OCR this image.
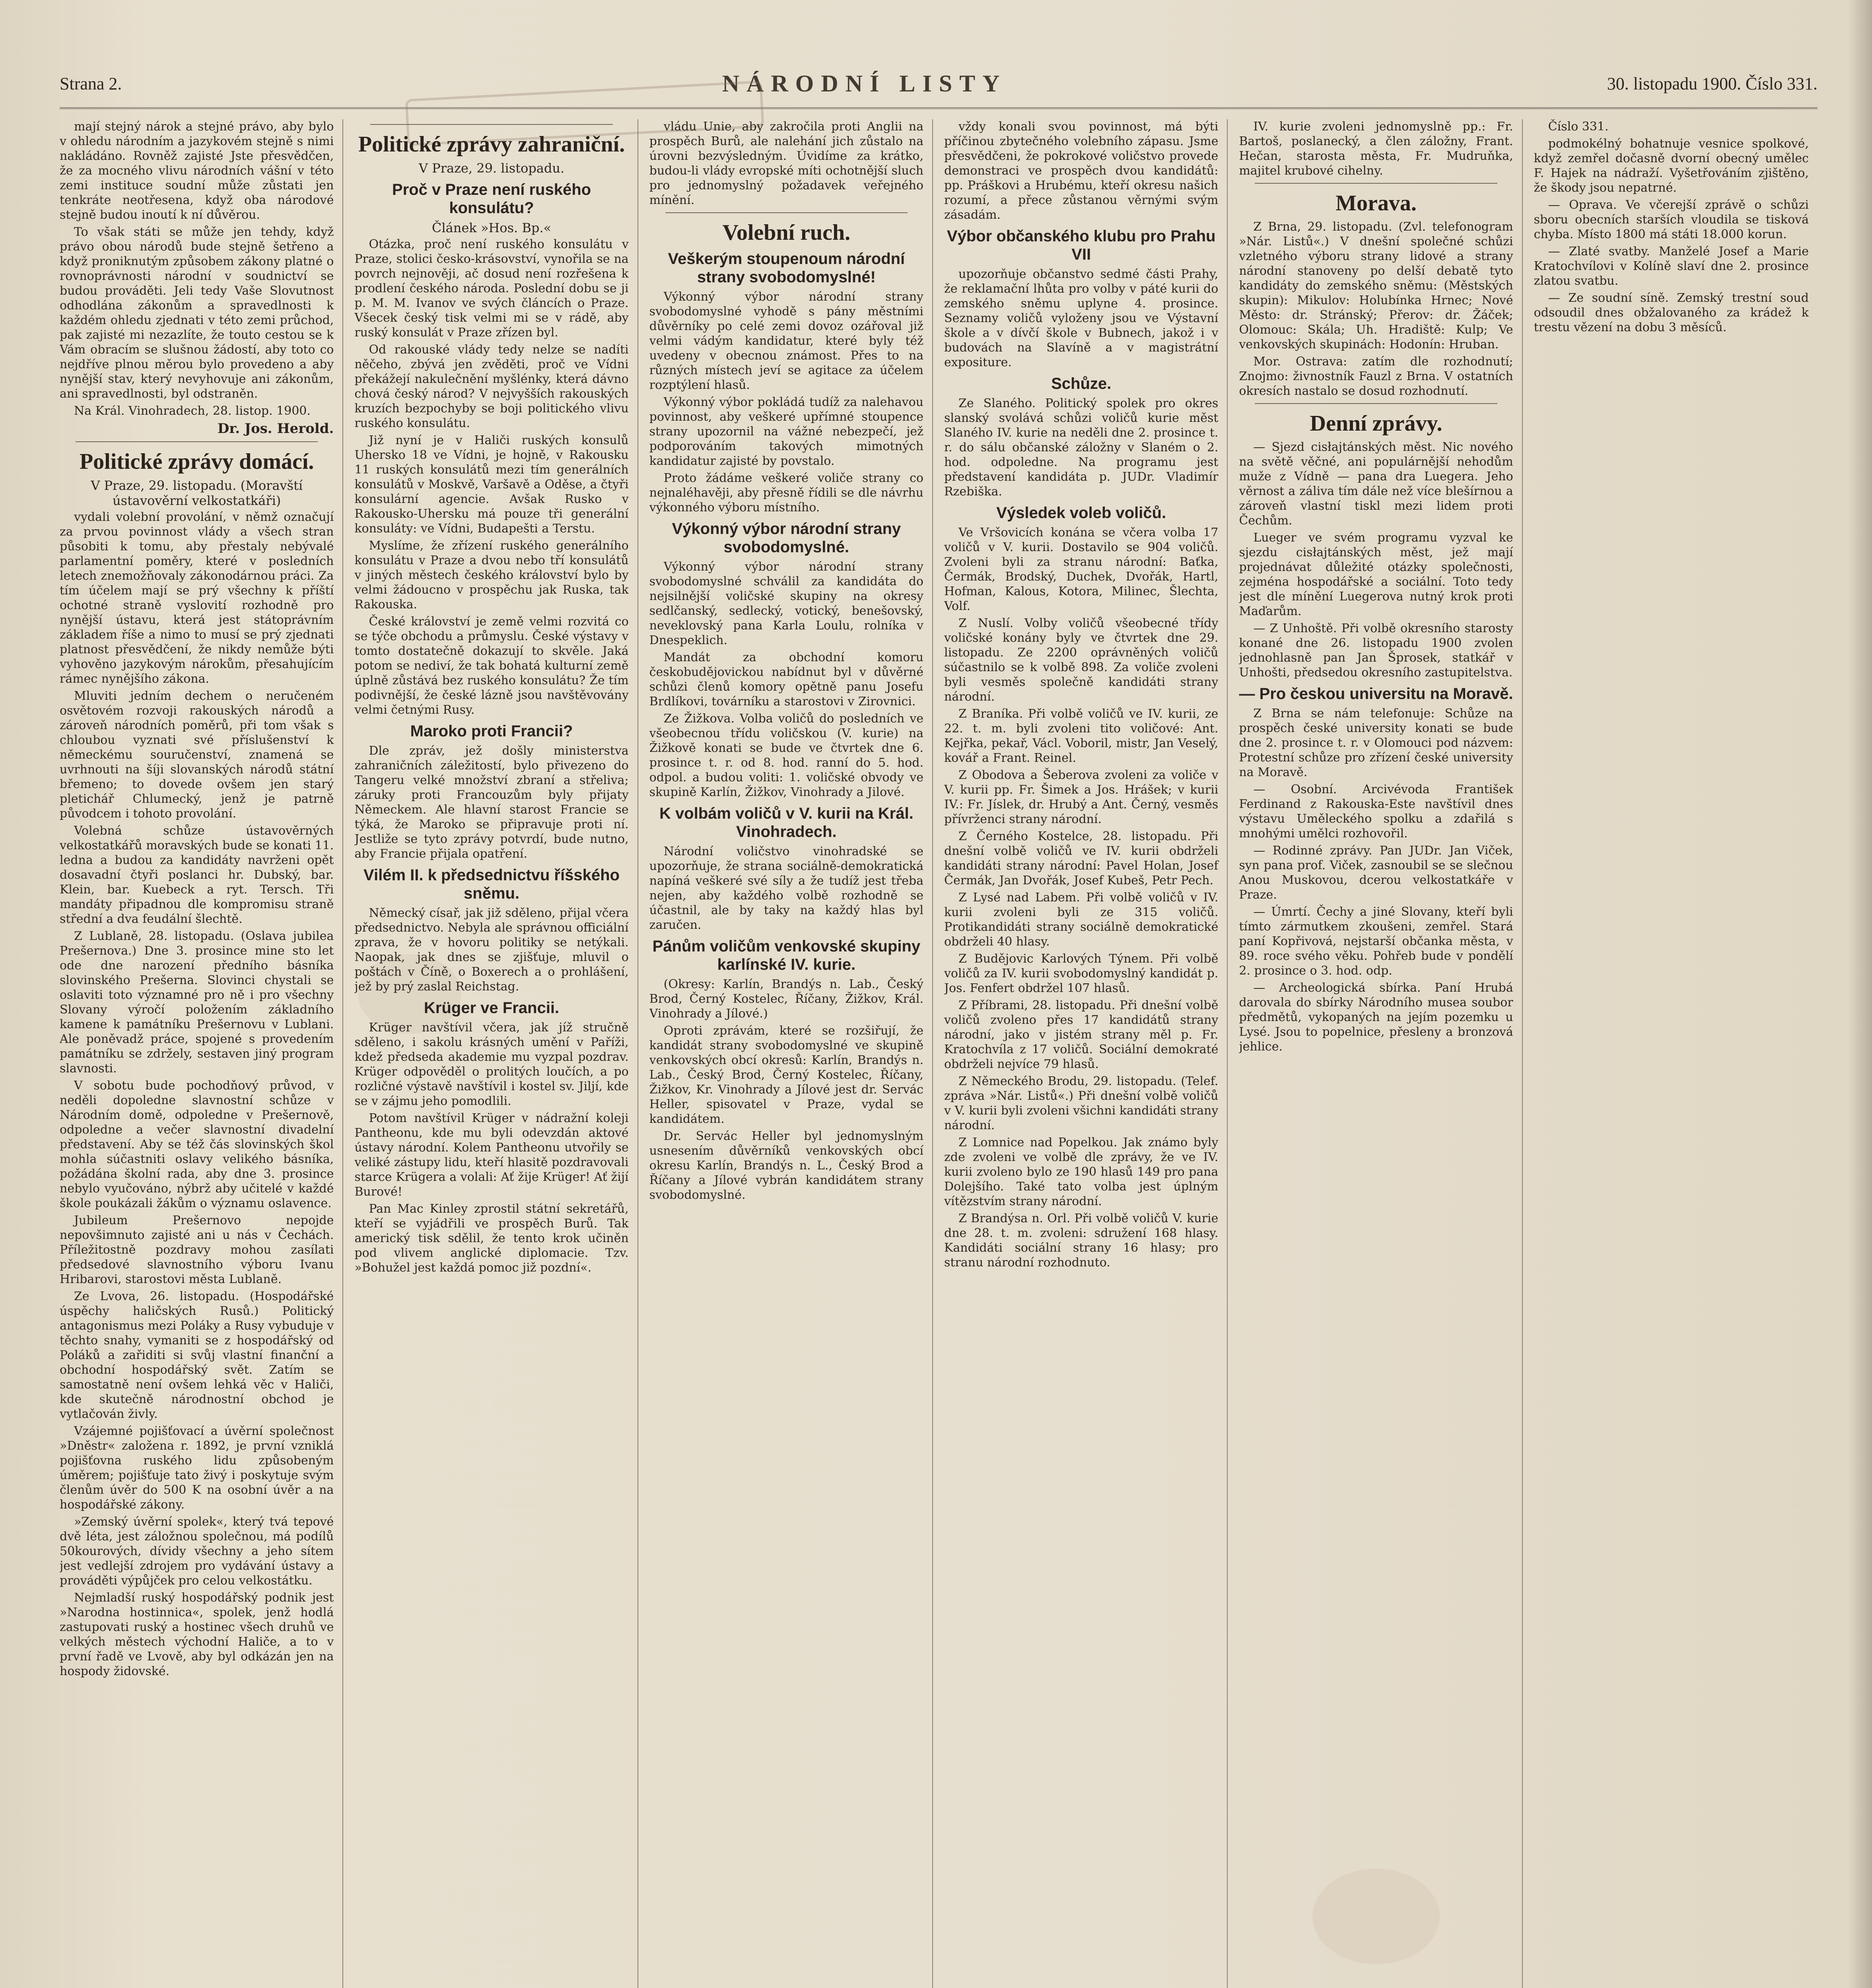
Strana 2.	NÁRODNÍ LISTY	30. listopadu 1900. Číslo 331.
mají stejný nárok a stejné právo, aby bylo v ohledu národním a jazykovém stejně s nimi nakládáno. Rovněž zajisté Jste přesvědčen, že za mocného vlivu národních vášní v této zemi instituce soudní může zůstati jen tenkráte neotřesena, když oba národové stejně budou inoutí k ní důvěrou.
To však státi se může jen tehdy, když právo obou národů bude stejně šetřeno a když proniknutým způsobem zákony platné o rovnoprávnosti národní v soudnictví se budou prováděti. Jeli tedy Vaše Slovutnost odhodlána zákonům a spravedlnosti k každém ohledu zjednati v této zemi průchod, pak zajisté mi nezazlíte, že touto cestou se k Vám obracím se slušnou žádostí, aby toto co nejdříve plnou měrou bylo provedeno a aby nynější stav, který nevyhovuje ani zákonům, ani spravedlnosti, byl odstraněn.
Na Král. Vinohradech, 28. listop. 1900.
Dr. Jos. Herold.
Politické zprávy domácí.
V Praze, 29. listopadu. (Moravští ústavověrní velkostatkáři)
vydali volební provolání, v němž označují za prvou povinnost vlády a všech stran působiti k tomu, aby přestaly nebývalé parlamentní poměry, které v posledních letech znemožňovaly zákonodárnou práci. Za tím účelem mají se prý všechny k příští ochotné straně vyslovití rozhodně pro nynější ústavu, která jest státoprávním základem říše a nimo to musí se prý zjednati platnost přesvědčení, že nikdy nemůže býti vyhověno jazykovým nárokům, přesahujícím rámec nynějšího zákona.
Mluviti jedním dechem o neručeném osvětovém rozvoji rakouských národů a zároveň národních poměrů, při tom však s chloubou vyznati své příslušenství k německému souručenství, znamená se uvrhnouti na šíji slovanských národů státní břemeno; to dovede ovšem jen starý pletichář Chlumecký, jenž je patrně původcem i tohoto provolání.
Volebná schůze ústavověrných velkostatkářů moravských bude se konati 11. ledna a budou za kandidáty navrženi opět dosavadní čtyři poslanci hr. Dubský, bar. Klein, bar. Kuebeck a ryt. Tersch. Tři mandáty připadnou dle kompromisu straně střední a dva feudální šlechtě.
Z Lublaně, 28. listopadu. (Oslava jubilea Prešernova.) Dne 3. prosince mine sto let ode dne narození předního básníka slovinského Prešerna. Slovinci chystali se oslaviti toto významné pro ně i pro všechny Slovany výročí položením základního kamene k památníku Prešernovu v Lublani. Ale poněvadž práce, spojené s provedením památníku se zdržely, sestaven jiný program slavnosti.
V sobotu bude pochodňový průvod, v neděli dopoledne slavnostní schůze v Národním domě, odpoledne v Prešernově, odpoledne a večer slavnostní divadelní představení. Aby se též čás slovinských škol mohla súčastniti oslavy velikého básníka, požádána školní rada, aby dne 3. prosince nebylo vyučováno, nýbrž aby učitelé v každé škole poukázali žákům o významu oslavence.
Jubileum Prešernovo nepojde nepovšimnuto zajisté ani u nás v Čechách. Příležitostně pozdravy mohou zasílati předsedové slavnostního výboru Ivanu Hribarovi, starostovi města Lublaně.
Ze Lvova, 26. listopadu. (Hospodářské úspěchy haličských Rusů.) Politický antagonismus mezi Poláky a Rusy vybuduje v těchto snahy, vymaniti se z hospodářský od Poláků a zařiditi si svůj vlastní finanční a obchodní hospodářský svět. Zatím se samostatně není ovšem lehká věc v Haliči, kde skutečně národnostní obchod je vytlačován živly.
Vzájemné pojišťovací a úvěrní společnost »Dněstr« založena r. 1892, je první vzniklá pojišťovna ruského lidu způsobeným úměrem; pojišťuje tato živý i poskytuje svým členům úvěr do 500 K na osobní úvěr a na hospodářské zákony.
»Zemský úvěrní spolek«, který tvá tepové dvě léta, jest záložnou společnou, má podílů 50kourových, dívidy všechny a jeho sítem jest vedlejší zdrojem pro vydávání ústavy a prováděti výpůjček pro celou velkostátku.
Nejmladší ruský hospodářský podnik jest »Narodna hostinnica«, spolek, jenž hodlá zastupovati ruský a hostinec všech druhů ve velkých městech východní Haliče, a to v první řadě ve Lvově, aby byl odkázán jen na hospody židovské.
Politické zprávy zahraniční.
V Praze, 29. listopadu.
Proč v Praze není ruského konsulátu?
Článek »Hos. Bp.«
Otázka, proč není ruského konsulátu v Praze, stolici česko-krásovství, vynořila se na povrch nejnověji, ač dosud není rozřešena k prodlení českého národa. Poslední dobu se ji p. M. M. Ivanov ve svých článcích o Praze. Všecek český tisk velmi mi se v rádě, aby ruský konsulát v Praze zřízen byl.
Od rakouské vlády tedy nelze se nadíti něčeho, zbývá jen zvěděti, proč ve Vídni překážejí nakulečnění myšlénky, která dávno chová český národ? V nejvyšších rakouských kruzích bezpochyby se boji politického vlivu ruského konsulátu.
Již nyní je v Haliči ruských konsulů Uhersko 18 ve Vídni, je hojně, v Rakousku 11 ruských konsulátů mezi tím generálních konsulátů v Moskvě, Varšavě a Oděse, a čtyři konsulární agencie. Avšak Rusko v Rakousko-Uhersku má pouze tři generální konsuláty: ve Vídni, Budapešti a Terstu.
Myslíme, že zřízení ruského generálního konsulátu v Praze a dvou nebo tří konsulátů v jiných městech českého království bylo by velmi žádoucno v prospěchu jak Ruska, tak Rakouska.
České království je země velmi rozvitá co se týče obchodu a průmyslu. České výstavy v tomto dostatečně dokazují to skvěle. Jaká potom se nediví, že tak bohatá kulturní země úplně zůstává bez ruského konsulátu? Že tím podivnější, že české lázně jsou navštěvovány velmi četnými Rusy.
Maroko proti Francii?
Dle zpráv, jež došly ministerstva zahraničních záležitostí, bylo přivezeno do Tangeru velké množství zbraní a střeliva; záruky proti Francouzům byly přijaty Německem. Ale hlavní starost Francie se týká, že Maroko se připravuje proti ní. Jestliže se tyto zprávy potvrdí, bude nutno, aby Francie přijala opatření.
Vilém II. k předsednictvu říšského sněmu.
Německý císař, jak již sděleno, přijal včera předsednictvo. Nebyla ale správnou officiální zprava, že v hovoru politiky se netýkali. Naopak, jak dnes se zjišťuje, mluvil o poštách v Číně, o Boxerech a o prohlášení, jež by prý zaslal Reichstag.
Krüger ve Francii.
Krüger navštívil včera, jak jíž stručně sděleno, i sakolu krásných umění v Paříži, kdež předseda akademie mu vyzpal pozdrav. Krüger odpověděl o prolitých loučích, a po rozličné výstavě navštívil i kostel sv. Jiljí, kde se v zájmu jeho pomodlili.
Potom navštívil Krüger v nádražní koleji Pantheonu, kde mu byli odevzdán aktové ústavy národní. Kolem Pantheonu utvořily se veliké zástupy lidu, kteří hlasitě pozdravovali starce Krügera a volali: Ať žije Krüger! Ať žijí Burové!
Pan Mac Kinley zprostil státní sekretářů, kteří se vyjádřili ve prospěch Burů. Tak americký tisk sdělil, že tento krok učiněn pod vlivem anglické diplomacie. Tzv. »Bohužel jest každá pomoc již pozdní«.
vládu Unie, aby zakročila proti Anglii na prospěch Burů, ale nalehání jich zůstalo na úrovni bezvýsledným. Úvidíme za krátko, budou-li vlády evropské míti ochotnější sluch pro jednomyslný požadavek veřejného mínění.
Volební ruch.
Veškerým stoupenoum národní strany svobodomyslné!
Výkonný výbor národní strany svobodomyslné vyhodě s pány městními důvěrníky po celé zemi dovoz ozářoval již velmi vádým kandidatur, které byly též uvedeny v obecnou známost. Přes to na různých místech jeví se agitace za účelem rozptýlení hlasů.
Výkonný výbor pokládá tudíž za nalehavou povinnost, aby veškeré upřímné stoupence strany upozornil na vážné nebezpečí, jež podporováním takových mimotných kandidatur zajisté by povstalo.
Proto žádáme veškeré voliče strany co nejnaléhavěji, aby přesně řídili se dle návrhu výkonného výboru místního.
Výkonný výbor národní strany svobodomyslné.
Výkonný výbor národní strany svobodomyslné schválil za kandidáta do nejsilnější voličské skupiny na okresy sedlčanský, sedlecký, votický, benešovský, neveklovský pana Karla Loulu, rolníka v Dnespeklich.
Mandát za obchodní komoru českobudějovickou nabídnut byl v důvěrné schůzi členů komory opětně panu Josefu Brdlíkovi, továrníku a starostovi v Zirovnici.
Ze Žižkova. Volba voličů do posledních ve všeobecnou třídu voličskou (V. kurie) na Žižkově konati se bude ve čtvrtek dne 6. prosince t. r. od 8. hod. ranní do 5. hod. odpol. a budou voliti: 1. voličské obvody ve skupině Karlín, Žižkov, Vinohrady a Jilové.
K volbám voličů v V. kurii na Král. Vinohradech.
Národní voličstvo vinohradské se upozorňuje, že strana sociálně-demokratická napíná veškeré své síly a že tudíž jest třeba nejen, aby každého volbě rozhodně se účastnil, ale by taky na každý hlas byl zaručen.
Pánům voličům venkovské skupiny karlínské IV. kurie.
(Okresy: Karlín, Brandýs n. Lab., Český Brod, Černý Kostelec, Říčany, Žižkov, Král. Vinohrady a Jílové.)
Oproti zprávám, které se rozšiřují, že kandidát strany svobodomyslné ve skupině venkovských obcí okresů: Karlín, Brandýs n. Lab., Český Brod, Černý Kostelec, Říčany, Žižkov, Kr. Vinohrady a Jílové jest dr. Servác Heller, spisovatel v Praze, vydal se kandidátem.
Dr. Servác Heller byl jednomyslným usnesením důvěrníků venkovských obcí okresu Karlín, Brandýs n. L., Český Brod a Říčany a Jílové vybrán kandidátem strany svobodomyslné.
vždy konali svou povinnost, má býti příčinou zbytečného volebního zápasu. Jsme přesvědčeni, že pokrokové voličstvo provede demonstraci ve prospěch dvou kandidátů: pp. Práškovi a Hrubému, kteří okresu našich rozumí, a přece zůstanou věrnými svým zásadám.
Výbor občanského klubu pro Prahu VII
upozorňuje občanstvo sedmé části Prahy, že reklamační lhůta pro volby v páté kurii do zemského sněmu uplyne 4. prosince. Seznamy voličů vyloženy jsou ve Výstavní škole a v dívčí škole v Bubnech, jakož i v budovách na Slavíně a v magistrátní expositure.
Schůze.
Ze Slaného. Politický spolek pro okres slanský svolává schůzi voličů kurie měst Slaného IV. kurie na neděli dne 2. prosince t. r. do sálu občanské záložny v Slaném o 2. hod. odpoledne. Na programu jest představení kandidáta p. JUDr. Vladimír Rzebiška.
Výsledek voleb voličů.
Ve Vršovicích konána se včera volba 17 voličů v V. kurii. Dostavilo se 904 voličů. Zvoleni byli za stranu národní: Baťka, Čermák, Brodský, Duchek, Dvořák, Hartl, Hofman, Kalous, Kotora, Milinec, Šlechta, Volf.
Z Nuslí. Volby voličů všeobecné třídy voličské konány byly ve čtvrtek dne 29. listopadu. Ze 2200 oprávněných voličů súčastnilo se k volbě 898. Za voliče zvoleni byli vesměs společně kandidáti strany národní.
Z Braníka. Při volbě voličů ve IV. kurii, ze 22. t. m. byli zvoleni tito voličové: Ant. Kejřka, pekař, Václ. Voboril, mistr, Jan Veselý, kovář a Frant. Reinel.
Z Obodova a Šeberova zvoleni za voliče v V. kurii pp. Fr. Šimek a Jos. Hrášek; v kurii IV.: Fr. Jíslek, dr. Hrubý a Ant. Černý, vesměs přívrženci strany národní.
Z Černého Kostelce, 28. listopadu. Při dnešní volbě voličů ve IV. kurii obdrželi kandidáti strany národní: Pavel Holan, Josef Čermák, Jan Dvořák, Josef Kubeš, Petr Pech.
Z Lysé nad Labem. Při volbě voličů v IV. kurii zvoleni byli ze 315 voličů. Protikandidáti strany sociálně demokratické obdrželi 40 hlasy.
Z Budějovic Karlových Týnem. Při volbě voličů za IV. kurii svobodomyslný kandidát p. Jos. Fenfert obdržel 107 hlasů.
Z Příbrami, 28. listopadu. Při dnešní volbě voličů zvoleno přes 17 kandidátů strany národní, jako v jistém strany měl p. Fr. Kratochvíla z 17 voličů. Sociální demokraté obdrželi nejvíce 79 hlasů.
Z Německého Brodu, 29. listopadu. (Telef. zpráva »Nár. Listů«.) Při dnešní volbě voličů v V. kurii byli zvoleni všichni kandidáti strany národní.
Z Lomnice nad Popelkou. Jak známo byly zde zvoleni ve volbě dle zprávy, že ve IV. kurii zvoleno bylo ze 190 hlasů 149 pro pana Dolejšího. Také tato volba jest úplným vítězstvím strany národní.
Z Brandýsa n. Orl. Při volbě voličů V. kurie dne 28. t. m. zvoleni: sdružení 168 hlasy. Kandidáti sociální strany 16 hlasy; pro stranu národní rozhodnuto.
IV. kurie zvoleni jednomyslně pp.: Fr. Bartoš, poslanecký, a člen záložny, Frant. Hečan, starosta města, Fr. Mudruňka, majitel krubové cihelny.
Morava.
Z Brna, 29. listopadu. (Zvl. telefonogram »Nár. Listů«.) V dnešní společné schůzi vzletného výboru strany lidové a strany národní stanoveny po delší debatě tyto kandidáty do zemského sněmu: (Městských skupin): Mikulov: Holubínka Hrnec; Nové Město: dr. Stránský; Přerov: dr. Žáček; Olomouc: Skála; Uh. Hradiště: Kulp; Ve venkovských skupinách: Hodonín: Hruban.
Mor. Ostrava: zatím dle rozhodnutí; Znojmo: živnostník Fauzl z Brna. V ostatních okresích nastalo se dosud rozhodnutí.
Denní zprávy.
— Sjezd cisłajtánských měst. Nic nového na světě věčné, ani populárnější nehodům muže z Vídně — pana dra Luegera. Jeho věrnost a záliva tím dále než více blešírnou a zároveň vlastní tiskl mezi lidem proti Čechům.
Lueger ve svém programu vyzval ke sjezdu cisłajtánských měst, jež mají projednávat důležité otázky společnosti, zejména hospodářské a sociální. Toto tedy jest dle mínění Luegerova nutný krok proti Maďarům.
— Z Unhoště. Při volbě okresního starosty konané dne 26. listopadu 1900 zvolen jednohlasně pan Jan Šprosek, statkář v Unhošti, předsedou okresního zastupitelstva.
— Pro českou universitu na Moravě.
Z Brna se nám telefonuje: Schůze na prospěch české university konati se bude dne 2. prosince t. r. v Olomouci pod názvem: Protestní schůze pro zřízení české university na Moravě.
— Osobní. Arcivévoda František Ferdinand z Rakouska-Este navštívil dnes výstavu Uměleckého spolku a zdařilá s mnohými umělci rozhovořil.
— Rodinné zprávy. Pan JUDr. Jan Viček, syn pana prof. Viček, zasnoubil se se slečnou Anou Muskovou, dcerou velkostatkáře v Praze.
— Úmrtí. Čechy a jiné Slovany, kteří byli tímto zármutkem zkoušeni, zemřel. Stará paní Kopřivová, nejstarší občanka města, v 89. roce svého věku. Pohřeb bude v pondělí 2. prosince o 3. hod. odp.
— Archeologická sbírka. Paní Hrubá darovala do sbírky Národního musea soubor předmětů, vykopaných na jejím pozemku u Lysé. Jsou to popelnice, přesleny a bronzová jehlice.
Číslo 331.
podmokélný bohatnuje vesnice spolkové, když zemřel dočasně dvorní obecný umělec F. Hajek na nádraží. Vyšetřováním zjištěno, že škody jsou nepatrné.
— Oprava. Ve včerejší zprávě o schůzi sboru obecních starších vloudila se tisková chyba. Místo 1800 má státi 18.000 korun.
— Zlaté svatby. Manželé Josef a Marie Kratochvílovi v Kolíně slaví dne 2. prosince zlatou svatbu.
— Ze soudní síně. Zemský trestní soud odsoudil dnes obžalovaného za krádež k trestu vězení na dobu 3 měsíců.
